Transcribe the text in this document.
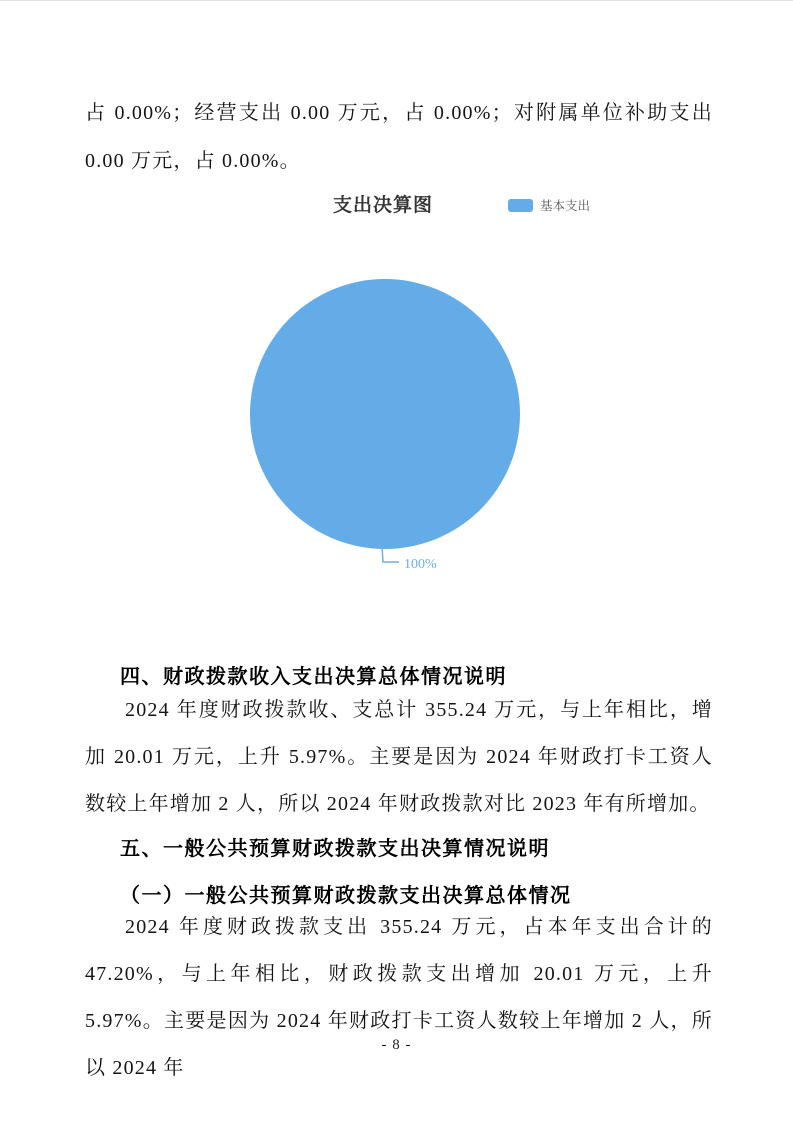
占 0.00%；经营支出 0.00 万元，占 0.00%；对附属单位补助支出 0.00 万元，占 0.00%。
支出决算图	基本支出
100%
四、财政拨款收入支出决算总体情况说明
2024 年度财政拨款收、支总计 355.24 万元，与上年相比，增加 20.01 万元，上升 5.97%。主要是因为 2024 年财政打卡工资人数较上年增加 2 人，所以 2024 年财政拨款对比 2023 年有所增加。
五、一般公共预算财政拨款支出决算情况说明
（一）一般公共预算财政拨款支出决算总体情况
2024 年度财政拨款支出 355.24 万元，占本年支出合计的 47.20%，与上年相比，财政拨款支出增加 20.01 万元，上升 5.97%。主要是因为 2024 年财政打卡工资人数较上年增加 2 人，所以 2024 年
- 8 -
